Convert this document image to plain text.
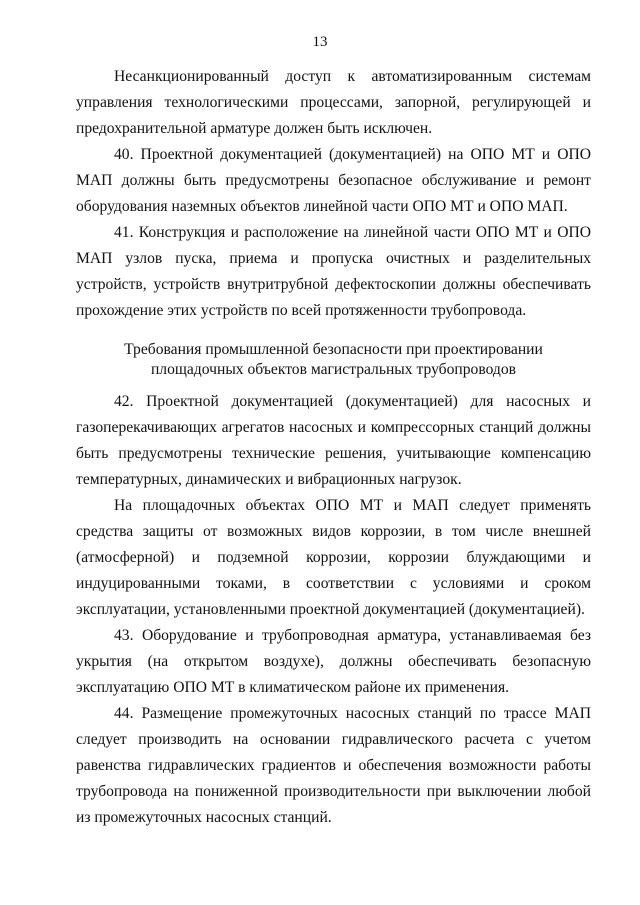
13

Несанкционированный доступ к автоматизированным системам управления технологическими процессами, запорной, регулирующей и предохранительной арматуре должен быть исключен.

40. Проектной документацией (документацией) на ОПО МТ и ОПО МАП должны быть предусмотрены безопасное обслуживание и ремонт оборудования наземных объектов линейной части ОПО МТ и ОПО МАП.

41. Конструкция и расположение на линейной части ОПО МТ и ОПО МАП узлов пуска, приема и пропуска очистных и разделительных устройств, устройств внутритрубной дефектоскопии должны обеспечивать прохождение этих устройств по всей протяженности трубопровода.

Требования промышленной безопасности при проектировании
площадочных объектов магистральных трубопроводов

42. Проектной документацией (документацией) для насосных и газоперекачивающих агрегатов насосных и компрессорных станций должны быть предусмотрены технические решения, учитывающие компенсацию температурных, динамических и вибрационных нагрузок.

На площадочных объектах ОПО МТ и МАП следует применять средства защиты от возможных видов коррозии, в том числе внешней (атмосферной) и подземной коррозии, коррозии блуждающими и индуцированными токами, в соответствии с условиями и сроком эксплуатации, установленными проектной документацией (документацией).

43. Оборудование и трубопроводная арматура, устанавливаемая без укрытия (на открытом воздухе), должны обеспечивать безопасную эксплуатацию ОПО МТ в климатическом районе их применения.

44. Размещение промежуточных насосных станций по трассе МАП следует производить на основании гидравлического расчета с учетом равенства гидравлических градиентов и обеспечения возможности работы трубопровода на пониженной производительности при выключении любой из промежуточных насосных станций.
